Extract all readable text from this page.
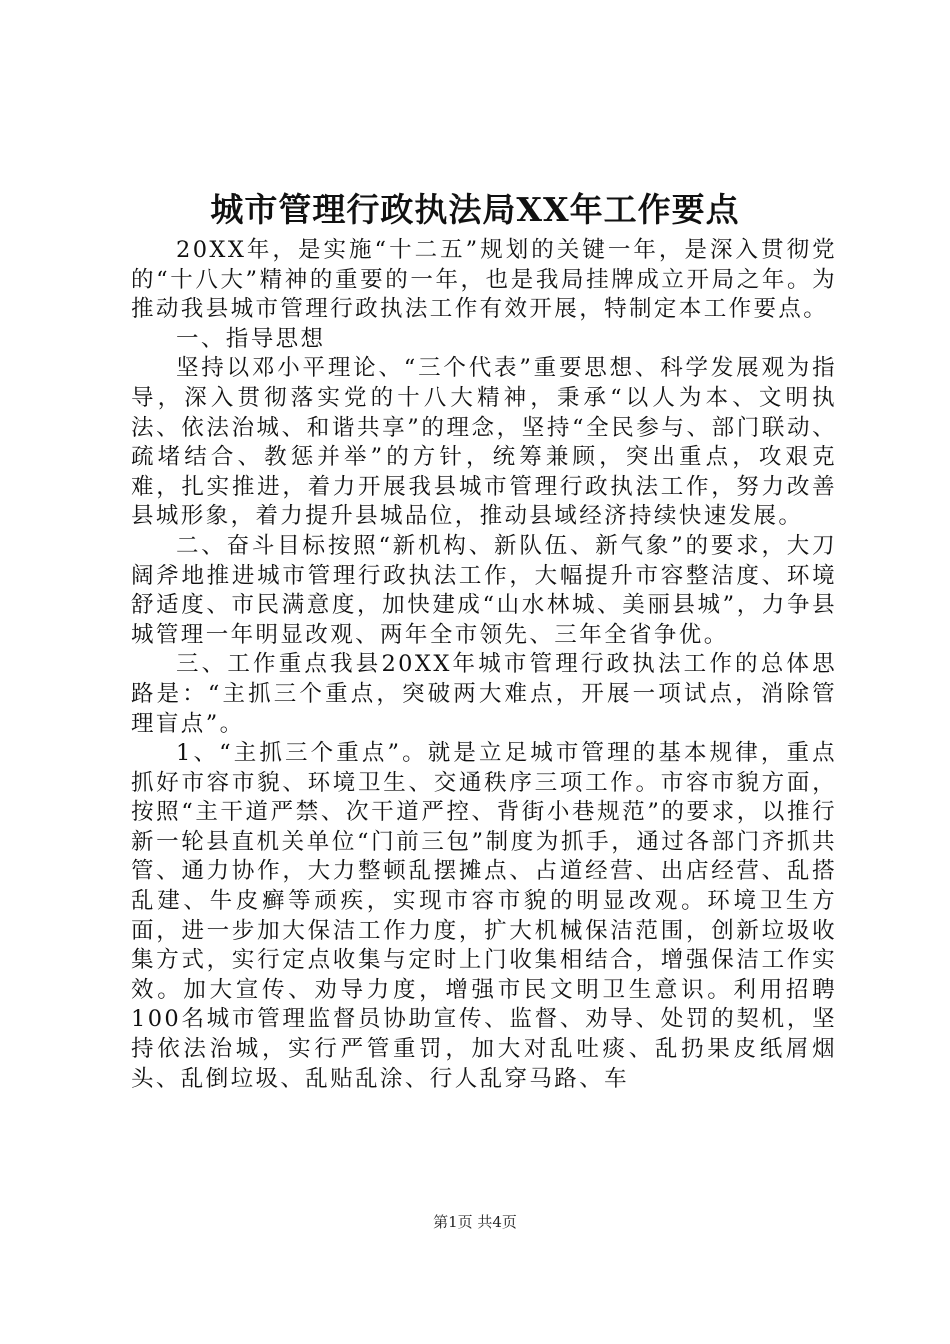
城市管理行政执法局XX年工作要点

20XX年，是实施“十二五”规划的关键一年，是深入贯彻党的“十八大”精神的重要的一年，也是我局挂牌成立开局之年。为推动我县城市管理行政执法工作有效开展，特制定本工作要点。

一、指导思想

坚持以邓小平理论、“三个代表”重要思想、科学发展观为指导，深入贯彻落实党的十八大精神，秉承“以人为本、文明执法、依法治城、和谐共享”的理念，坚持“全民参与、部门联动、疏堵结合、教惩并举”的方针，统筹兼顾，突出重点，攻艰克难，扎实推进，着力开展我县城市管理行政执法工作，努力改善县城形象，着力提升县城品位，推动县域经济持续快速发展。

二、奋斗目标按照“新机构、新队伍、新气象”的要求，大刀阔斧地推进城市管理行政执法工作，大幅提升市容整洁度、环境舒适度、市民满意度，加快建成“山水林城、美丽县城”，力争县城管理一年明显改观、两年全市领先、三年全省争优。

三、工作重点我县20XX年城市管理行政执法工作的总体思路是：“主抓三个重点，突破两大难点，开展一项试点，消除管理盲点”。

1、“主抓三个重点”。就是立足城市管理的基本规律，重点抓好市容市貌、环境卫生、交通秩序三项工作。市容市貌方面，按照“主干道严禁、次干道严控、背街小巷规范”的要求，以推行新一轮县直机关单位“门前三包”制度为抓手，通过各部门齐抓共管、通力协作，大力整顿乱摆摊点、占道经营、出店经营、乱搭乱建、牛皮癣等顽疾，实现市容市貌的明显改观。环境卫生方面，进一步加大保洁工作力度，扩大机械保洁范围，创新垃圾收集方式，实行定点收集与定时上门收集相结合，增强保洁工作实效。加大宣传、劝导力度，增强市民文明卫生意识。利用招聘100名城市管理监督员协助宣传、监督、劝导、处罚的契机，坚持依法治城，实行严管重罚，加大对乱吐痰、乱扔果皮纸屑烟头、乱倒垃圾、乱贴乱涂、行人乱穿马路、车

第1页 共4页
